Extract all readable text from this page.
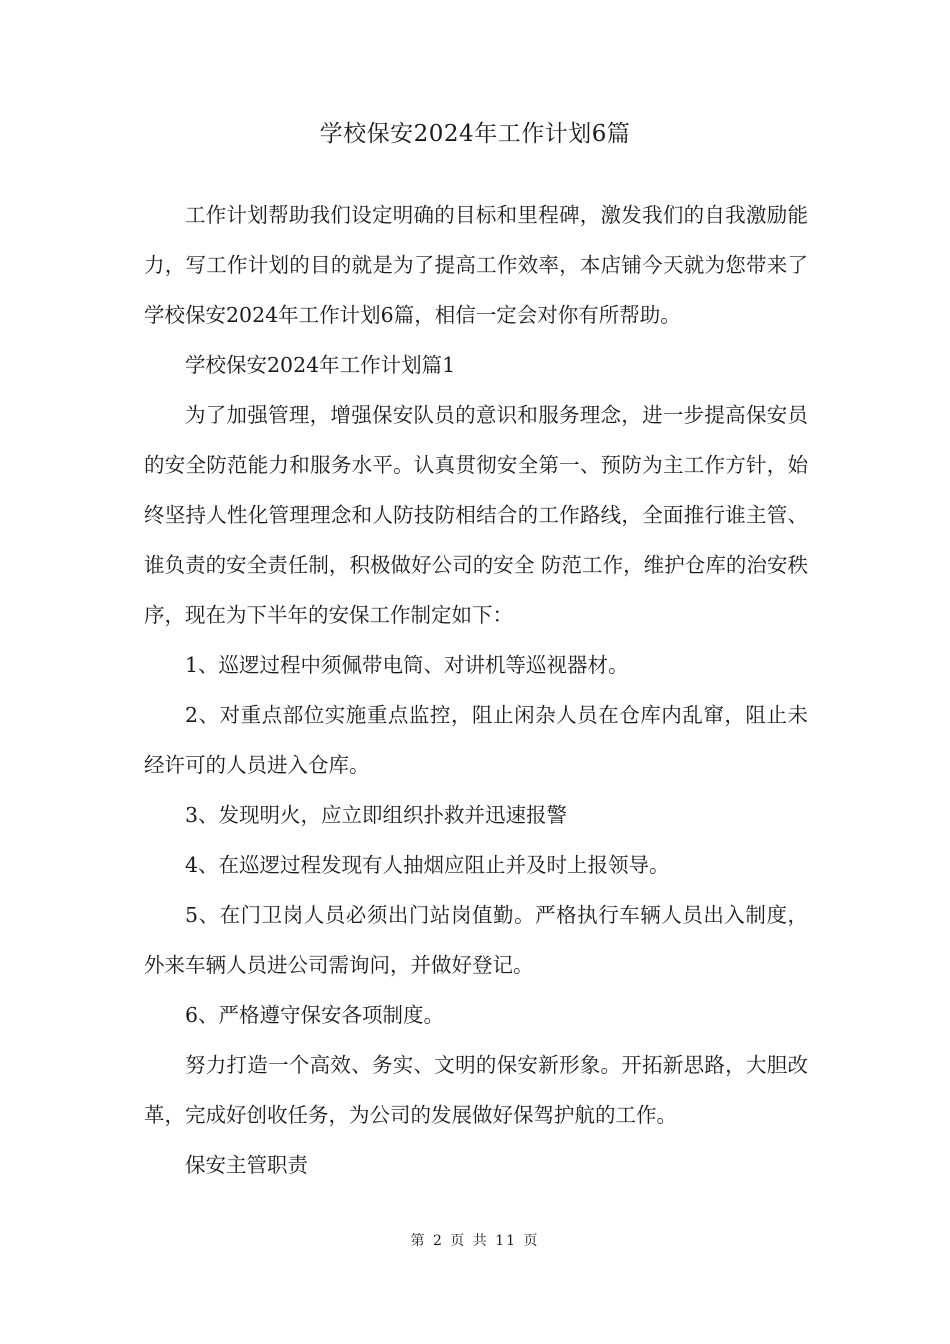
学校保安2024年工作计划6篇

工作计划帮助我们设定明确的目标和里程碑，激发我们的自我激励能力，写工作计划的目的就是为了提高工作效率，本店铺今天就为您带来了学校保安2024年工作计划6篇，相信一定会对你有所帮助。

学校保安2024年工作计划篇1

为了加强管理，增强保安队员的意识和服务理念，进一步提高保安员的安全防范能力和服务水平。认真贯彻安全第一、预防为主工作方针，始终坚持人性化管理理念和人防技防相结合的工作路线，全面推行谁主管、谁负责的安全责任制，积极做好公司的安全 防范工作，维护仓库的治安秩序，现在为下半年的安保工作制定如下：

1、巡逻过程中须佩带电筒、对讲机等巡视器材。

2、对重点部位实施重点监控，阻止闲杂人员在仓库内乱窜，阻止未经许可的人员进入仓库。

3、发现明火，应立即组织扑救并迅速报警

4、在巡逻过程发现有人抽烟应阻止并及时上报领导。

5、在门卫岗人员必须出门站岗值勤。严格执行车辆人员出入制度，外来车辆人员进公司需询问，并做好登记。

6、严格遵守保安各项制度。

努力打造一个高效、务实、文明的保安新形象。开拓新思路，大胆改革，完成好创收任务，为公司的发展做好保驾护航的工作。

保安主管职责

第 2 页 共 11 页
